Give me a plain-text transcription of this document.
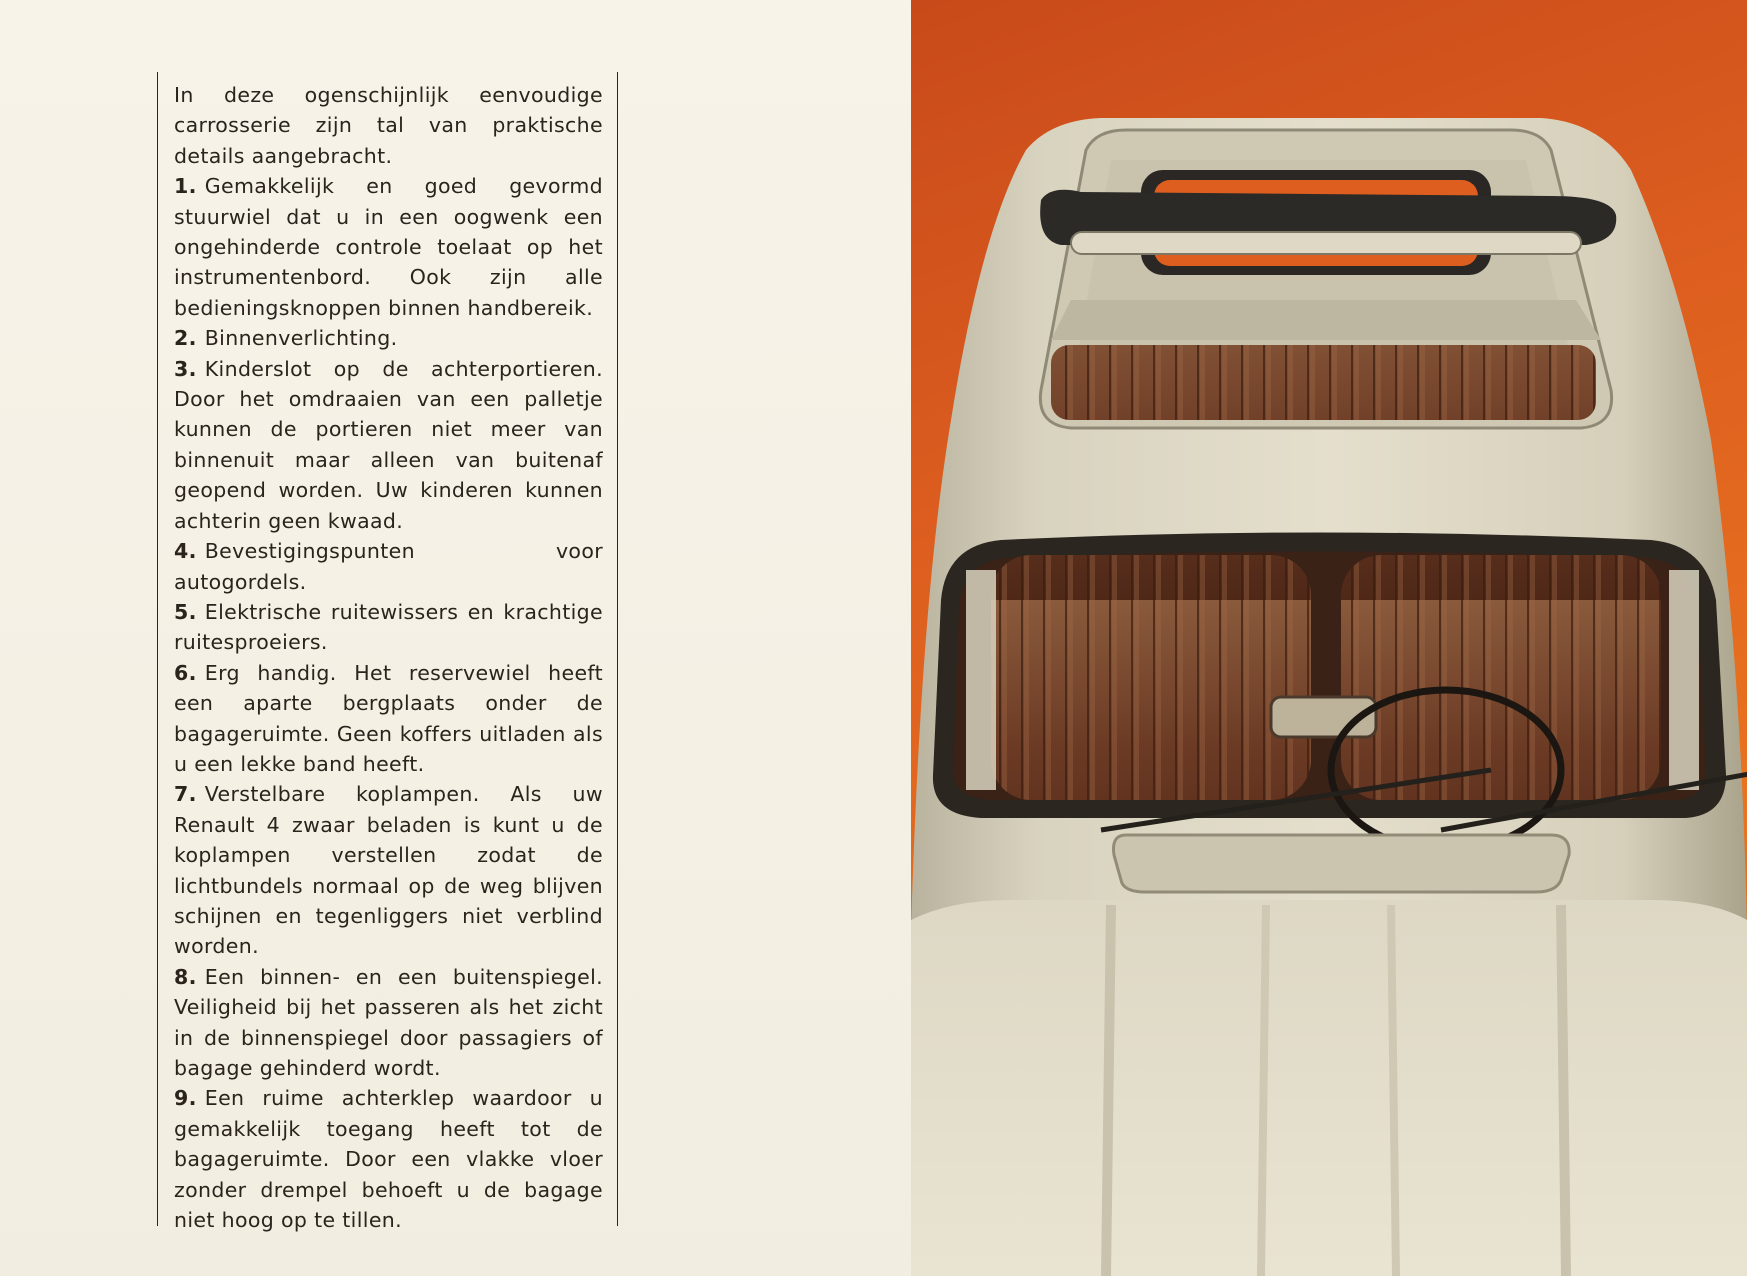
In deze ogenschijnlijk eenvoudige carrosserie zijn tal van praktische details aangebracht.

1. Gemakkelijk en goed gevormd stuurwiel dat u in een oogwenk een ongehinderde controle toelaat op het instrumentenbord. Ook zijn alle bedieningsknoppen binnen handbereik.

2. Binnenverlichting.

3. Kinderslot op de achterportieren. Door het omdraaien van een palletje kunnen de portieren niet meer van binnenuit maar alleen van buitenaf geopend worden. Uw kinderen kunnen achterin geen kwaad.

4. Bevestigingspunten voor autogordels.

5. Elektrische ruitewissers en krachtige ruitesproeiers.

6. Erg handig. Het reservewiel heeft een aparte bergplaats onder de bagageruimte. Geen koffers uitladen als u een lekke band heeft.

7. Verstelbare koplampen. Als uw Renault 4 zwaar beladen is kunt u de koplampen verstellen zodat de lichtbundels normaal op de weg blijven schijnen en tegenliggers niet verblind worden.

8. Een binnen- en een buitenspiegel. Veiligheid bij het passeren als het zicht in de binnenspiegel door passagiers of bagage gehinderd wordt.

9. Een ruime achterklep waardoor u gemakkelijk toegang heeft tot de bagageruimte. Door een vlakke vloer zonder drempel behoeft u de bagage niet hoog op te tillen.
